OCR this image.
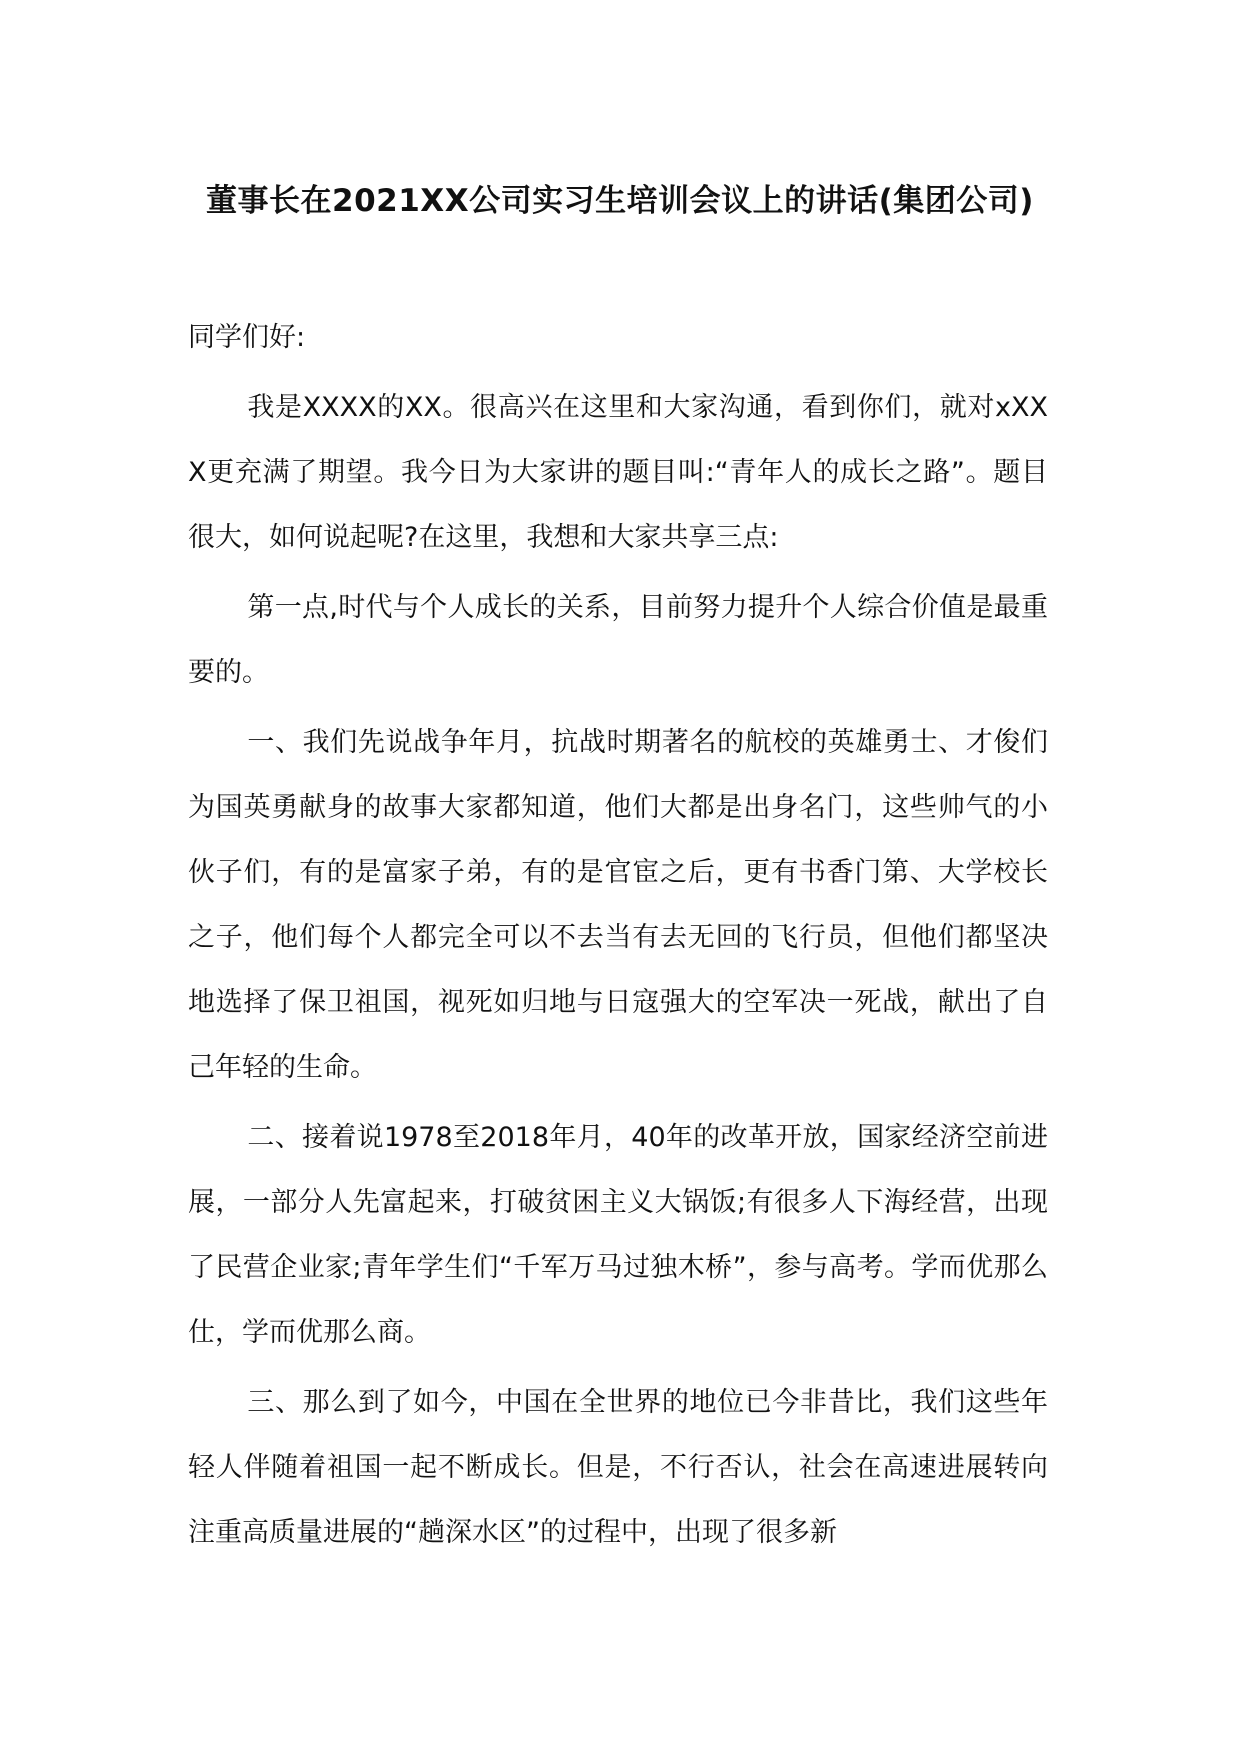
董事长在2021XX公司实习生培训会议上的讲话(集团公司)

同学们好:

我是XXXX的XX。很高兴在这里和大家沟通，看到你们，就对xXXX更充满了期望。我今日为大家讲的题目叫:“青年人的成长之路”。题目很大，如何说起呢?在这里，我想和大家共享三点:

第一点,时代与个人成长的关系，目前努力提升个人综合价值是最重要的。

一、我们先说战争年月，抗战时期著名的航校的英雄勇士、才俊们为国英勇献身的故事大家都知道，他们大都是出身名门，这些帅气的小伙子们，有的是富家子弟，有的是官宦之后，更有书香门第、大学校长之子，他们每个人都完全可以不去当有去无回的飞行员，但他们都坚决地选择了保卫祖国，视死如归地与日寇强大的空军决一死战，献出了自己年轻的生命。

二、接着说1978至2018年月，40年的改革开放，国家经济空前进展，一部分人先富起来，打破贫困主义大锅饭;有很多人下海经营，出现了民营企业家;青年学生们“千军万马过独木桥”，参与高考。学而优那么仕，学而优那么商。

三、那么到了如今，中国在全世界的地位已今非昔比，我们这些年轻人伴随着祖国一起不断成长。但是，不行否认，社会在高速进展转向注重高质量进展的“趟深水区”的过程中，出现了很多新
